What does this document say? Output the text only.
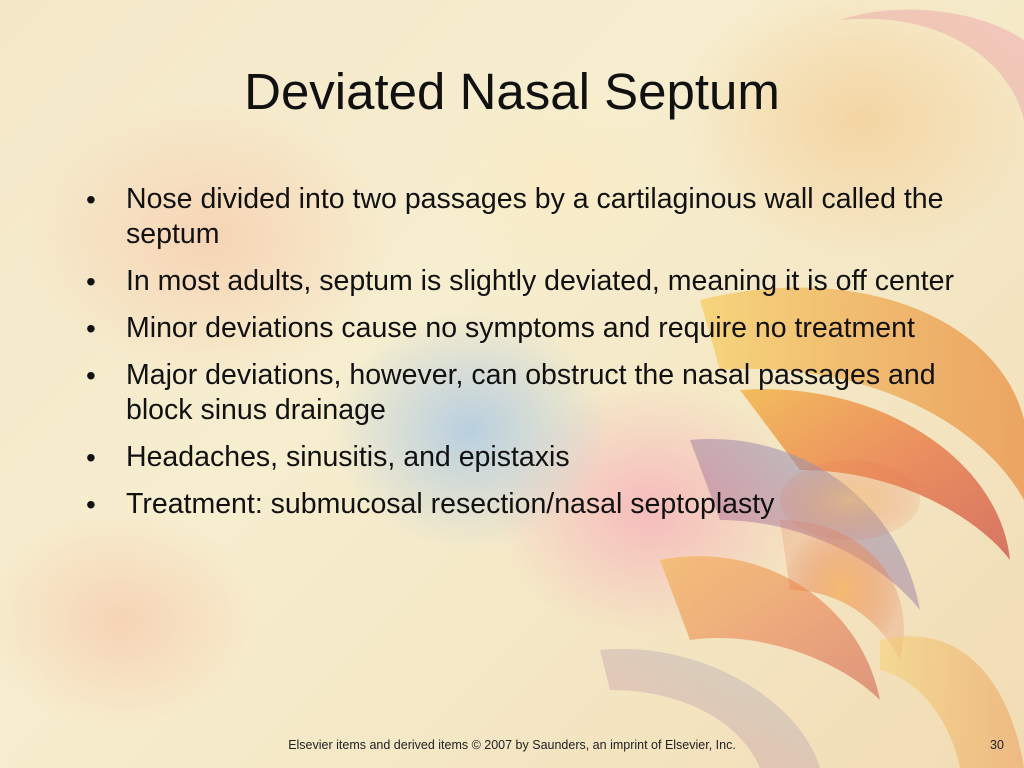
Deviated Nasal Septum
• Nose divided into two passages by a cartilaginous wall called the septum
• In most adults, septum is slightly deviated, meaning it is off center
• Minor deviations cause no symptoms and require no treatment
• Major deviations, however, can obstruct the nasal passages and block sinus drainage
• Headaches, sinusitis, and epistaxis
• Treatment: submucosal resection/nasal septoplasty
Elsevier items and derived items © 2007 by Saunders, an imprint of Elsevier, Inc.	30
